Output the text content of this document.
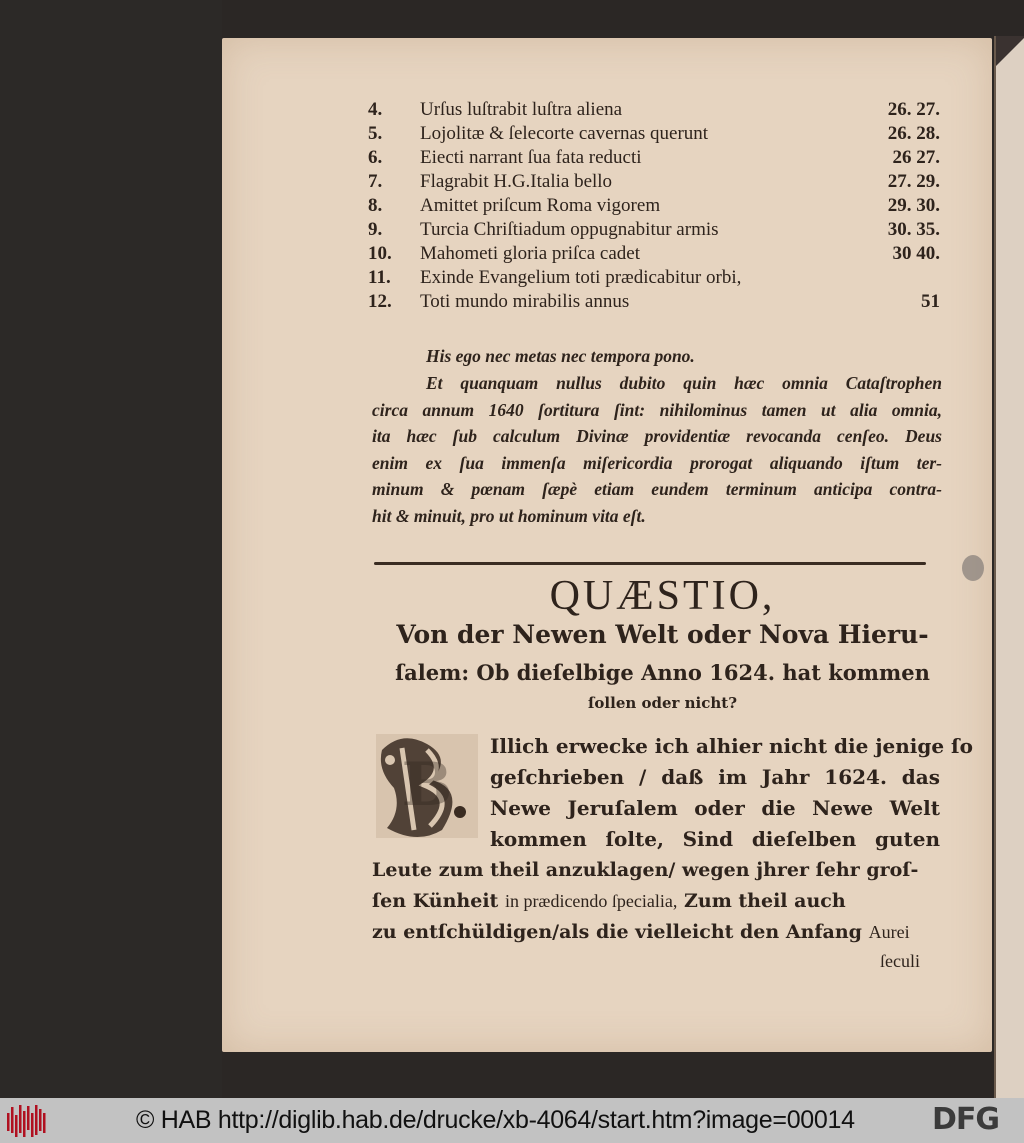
4.	Urſus luſtrabit luſtra aliena	26. 27.
5.	Lojolitæ & ſelecorte cavernas querunt	26. 28.
6.	Eiecti narrant ſua fata reducti	26 27.
7.	Flagrabit H.G.Italia bello	27. 29.
8.	Amittet priſcum Roma vigorem	29. 30.
9.	Turcia Chriſtiadum oppugnabitur armis	30. 35.
10.	Mahometi gloria priſca cadet	30 40.
11.	Exinde Evangelium toti prædicabitur orbi,
12.	Toti mundo mirabilis annus	51
His ego nec metas nec tempora pono.
Et quanquam nullus dubito quin hæc omnia Cataſtrophen
circa annum 1640 ſortitura ſint: nihilominus tamen ut alia omnia,
ita hæc ſub calculum Divinæ providentiæ revocanda cenſeo. Deus
enim ex ſua immenſa miſericordia prorogat aliquando iſtum ter-
minum & pœnam ſæpè etiam eundem terminum anticipa contra-
hit & minuit, pro ut hominum vita eſt.
QUÆSTIO,
Von der Newen Welt oder Nova Hieru-
ſalem: Ob dieſelbige Anno 1624. hat kommen
ſollen oder nicht?
B
Illich erwecke ich alhier nicht die jenige ſo
geſchrieben / daß im Jahr 1624. das
Newe Jeruſalem oder die Newe Welt
kommen ſolte, Sind dieſelben guten
Leute zum theil anzuklagen/ wegen jhrer ſehr groſ-
ſen Künheit in prædicendo ſpecialia, Zum theil auch
zu entſchüldigen/als die vielleicht den Anfang Aurei
ſeculi
© HAB http://diglib.hab.de/drucke/xb-4064/start.htm?image=00014	DFG
